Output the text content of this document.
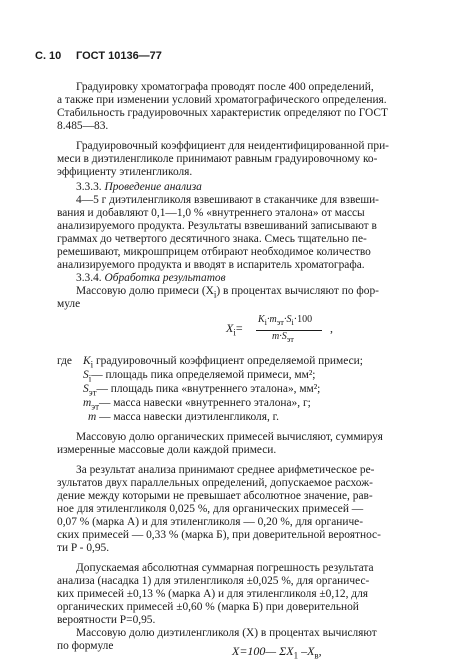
С. 10 ГОСТ 10136—77
Градуировку хроматографа проводят после 400 определений,
а также при изменении условий хроматографического определения.
Стабильность градуировочных характеристик определяют по ГОСТ
8.485—83.
Градуировочный коэффициент для неидентифицированной при-
меси в диэтиленгликоле принимают равным градуировочному ко-
эффициенту этиленгликоля.
3.3.3. Проведение анализа
4—5 г диэтиленгликоля взвешивают в стаканчике для взвеши-
вания и добавляют 0,1—1,0 % «внутреннего эталона» от массы
анализируемого продукта. Результаты взвешиваний записывают в
граммах до четвертого десятичного знака. Смесь тщательно пе-
ремешивают, микрошприцем отбирают необходимое количество
анализируемого продукта и вводят в испаритель хроматографа.
3.3.4. Обработка результатов
Массовую долю примеси $(X_i)$ в процентах вычисляют по фор-
муле
$X_i=$
$K_i\cdot m_{эт}\cdot S_i\cdot 100$
$m\cdot S_{эт}$
,
где $K_i$ градуировочный коэффициент определяемой примеси;
$S_i—$ площадь пика определяемой примеси, мм²;
$S_{эт}—$ площадь пика «внутреннего эталона», мм²;
$m_{эт}—$ масса навески «внутреннего эталона», г;
m — масса навески диэтиленгликоля, г.
Массовую долю органических примесей вычисляют, суммируя
измеренные массовые доли каждой примеси.
За результат анализа принимают среднее арифметическое ре-
зультатов двух параллельных определений, допускаемое расхож-
дение между которыми не превышает абсолютное значение, рав-
ное для этиленгликоля 0,025 %, для органических примесей —
0,07 % (марка А) и для этиленгликоля — 0,20 %, для органиче-
ских примесей — 0,33 % (марка Б), при доверительной вероятнос-
ти P - 0,95.
Допускаемая абсолютная суммарная погрешность результата
анализа (насадка 1) для этиленгликоля ±0,025 %, для органичес-
ких примесей ±0,13 % (марка А) и для этиленгликоля ±0,12, для
органических примесей ±0,60 % (марка Б) при доверительной
вероятности P=0,95.
Массовую долю диэтиленгликоля (X) в процентах вычисляют
по формуле	X=100— $\Sigma X_1$ $-X_в$,
